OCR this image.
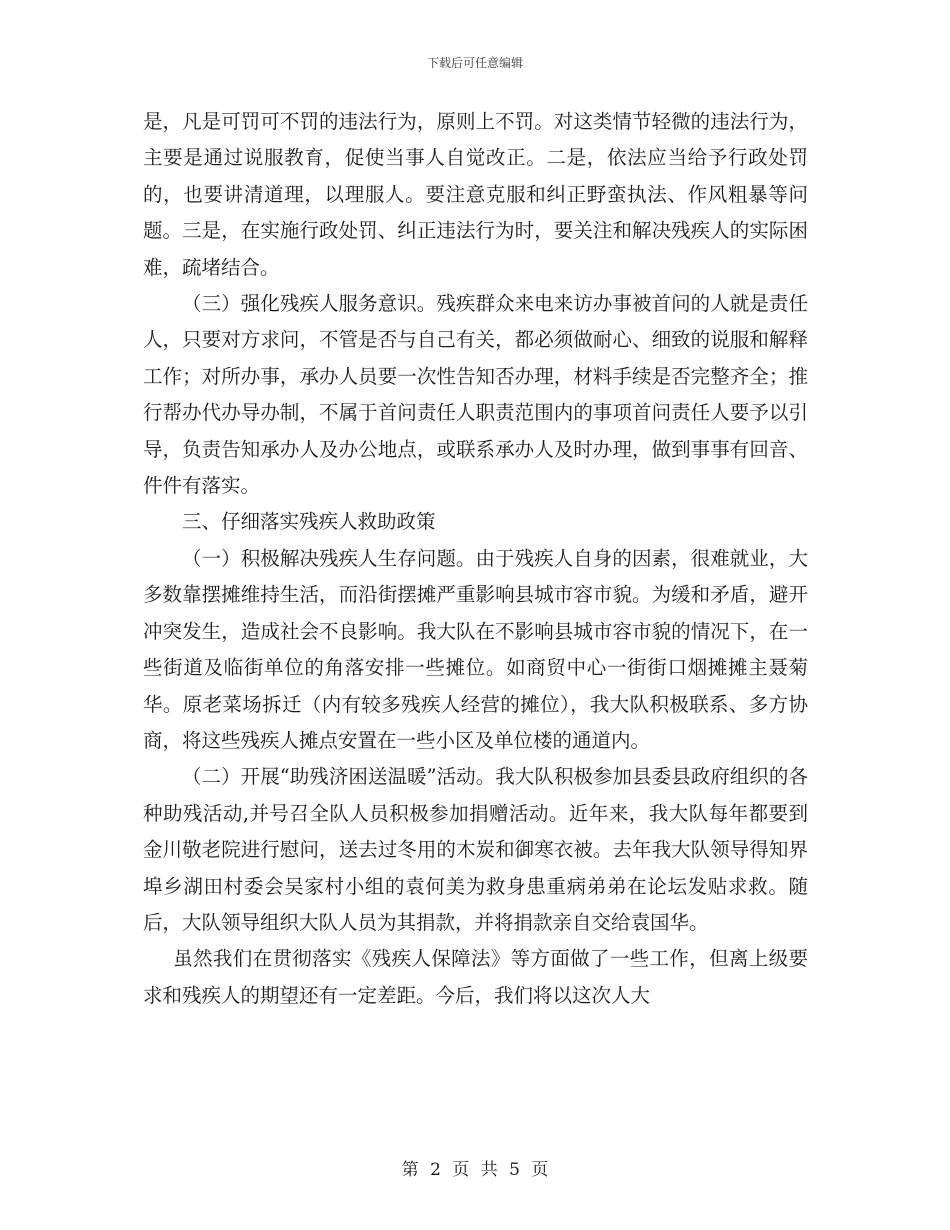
下载后可任意编辑

是，凡是可罚可不罚的违法行为，原则上不罚。对这类情节轻微的违法行为，主要是通过说服教育，促使当事人自觉改正。二是，依法应当给予行政处罚的，也要讲清道理，以理服人。要注意克服和纠正野蛮执法、作风粗暴等问题。三是，在实施行政处罚、纠正违法行为时，要关注和解决残疾人的实际困难，疏堵结合。

（三）强化残疾人服务意识。残疾群众来电来访办事被首问的人就是责任人，只要对方求问，不管是否与自己有关，都必须做耐心、细致的说服和解释工作；对所办事，承办人员要一次性告知否办理，材料手续是否完整齐全；推行帮办代办导办制，不属于首问责任人职责范围内的事项首问责任人要予以引导，负责告知承办人及办公地点，或联系承办人及时办理，做到事事有回音、件件有落实。

三、仔细落实残疾人救助政策

（一）积极解决残疾人生存问题。由于残疾人自身的因素，很难就业，大多数靠摆摊维持生活，而沿街摆摊严重影响县城市容市貌。为缓和矛盾，避开冲突发生，造成社会不良影响。我大队在不影响县城市容市貌的情况下，在一些街道及临街单位的角落安排一些摊位。如商贸中心一街街口烟摊摊主聂菊华。原老菜场拆迁（内有较多残疾人经营的摊位），我大队积极联系、多方协商，将这些残疾人摊点安置在一些小区及单位楼的通道内。

（二）开展“助残济困送温暖”活动。我大队积极参加县委县政府组织的各种助残活动,并号召全队人员积极参加捐赠活动。近年来，我大队每年都要到金川敬老院进行慰问，送去过冬用的木炭和御寒衣被。去年我大队领导得知界埠乡湖田村委会吴家村小组的袁何美为救身患重病弟弟在论坛发贴求救。随后，大队领导组织大队人员为其捐款，并将捐款亲自交给袁国华。

虽然我们在贯彻落实《残疾人保障法》等方面做了一些工作，但离上级要求和残疾人的期望还有一定差距。今后，我们将以这次人大

第 2 页 共 5 页
